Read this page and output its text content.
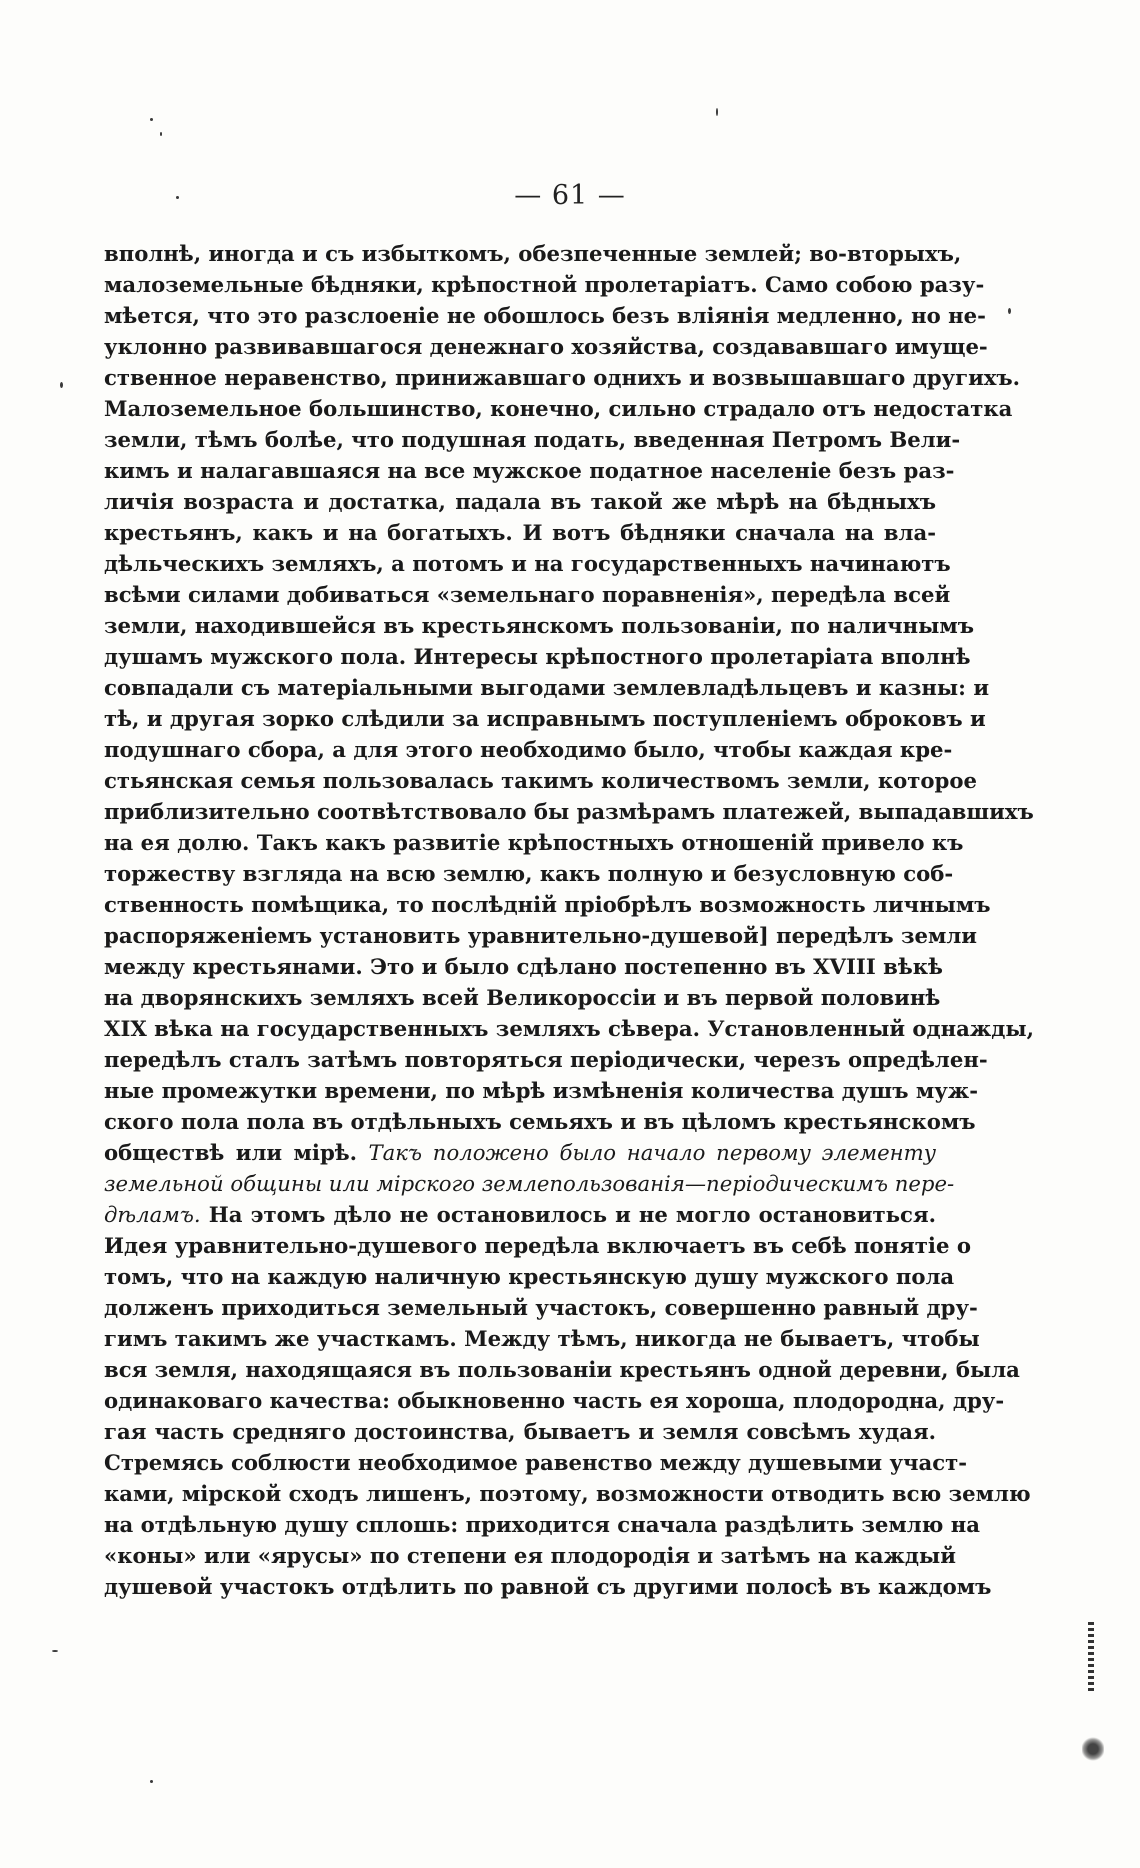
— 61 —
вполнѣ, иногда и съ избыткомъ, обезпеченные землей; во-вторыхъ,
малоземельные бѣдняки, крѣпостной пролетаріатъ. Само собою разу-
мѣется, что это разслоеніе не обошлось безъ вліянія медленно, но не-
уклонно развивавшагося денежнаго хозяйства, создававшаго имуще-
ственное неравенство, принижавшаго однихъ и возвышавшаго другихъ.
Малоземельное большинство, конечно, сильно страдало отъ недостатка
земли, тѣмъ болѣе, что подушная подать, введенная Петромъ Вели-
кимъ и налагавшаяся на все мужское податное населеніе безъ раз-
личія возраста и достатка, падала въ такой же мѣрѣ на бѣдныхъ
крестьянъ, какъ и на богатыхъ. И вотъ бѣдняки сначала на вла-
дѣльческихъ земляхъ, а потомъ и на государственныхъ начинаютъ
всѣми силами добиваться «земельнаго поравненія», передѣла всей
земли, находившейся въ крестьянскомъ пользованіи, по наличнымъ
душамъ мужского пола. Интересы крѣпостного пролетаріата вполнѣ
совпадали съ матеріальными выгодами землевладѣльцевъ и казны: и
тѣ, и другая зорко слѣдили за исправнымъ поступленіемъ оброковъ и
подушнаго сбора, а для этого необходимо было, чтобы каждая кре-
стьянская семья пользовалась такимъ количествомъ земли, которое
приблизительно соотвѣтствовало бы размѣрамъ платежей, выпадавшихъ
на ея долю. Такъ какъ развитіе крѣпостныхъ отношеній привело къ
торжеству взгляда на всю землю, какъ полную и безусловную соб-
ственность помѣщика, то послѣдній пріобрѣлъ возможность личнымъ
распоряженіемъ установить уравнительно-душевой] передѣлъ земли
между крестьянами. Это и было сдѣлано постепенно въ XVIII вѣкѣ
на дворянскихъ земляхъ всей Великороссіи и въ первой половинѣ
XIX вѣка на государственныхъ земляхъ сѣвера. Установленный однажды,
передѣлъ сталъ затѣмъ повторяться періодически, черезъ опредѣлен-
ные промежутки времени, по мѣрѣ измѣненія количества душъ муж-
ского пола пола въ отдѣльныхъ семьяхъ и въ цѣломъ крестьянскомъ
обществѣ или мірѣ. Такъ положено было начало первому элементу
земельной общины или мірского землепользованія—періодическимъ пере-
дѣламъ. На этомъ дѣло не остановилось и не могло остановиться.
Идея уравнительно-душевого передѣла включаетъ въ себѣ понятіе о
томъ, что на каждую наличную крестьянскую душу мужского пола
долженъ приходиться земельный участокъ, совершенно равный дру-
гимъ такимъ же участкамъ. Между тѣмъ, никогда не бываетъ, чтобы
вся земля, находящаяся въ пользованіи крестьянъ одной деревни, была
одинаковаго качества: обыкновенно часть ея хороша, плодородна, дру-
гая часть средняго достоинства, бываетъ и земля совсѣмъ худая.
Стремясь соблюсти необходимое равенство между душевыми участ-
ками, мірской сходъ лишенъ, поэтому, возможности отводить всю землю
на отдѣльную душу сплошь: приходится сначала раздѣлить землю на
«коны» или «ярусы» по степени ея плодородія и затѣмъ на каждый
душевой участокъ отдѣлить по равной съ другими полосѣ въ каждомъ
